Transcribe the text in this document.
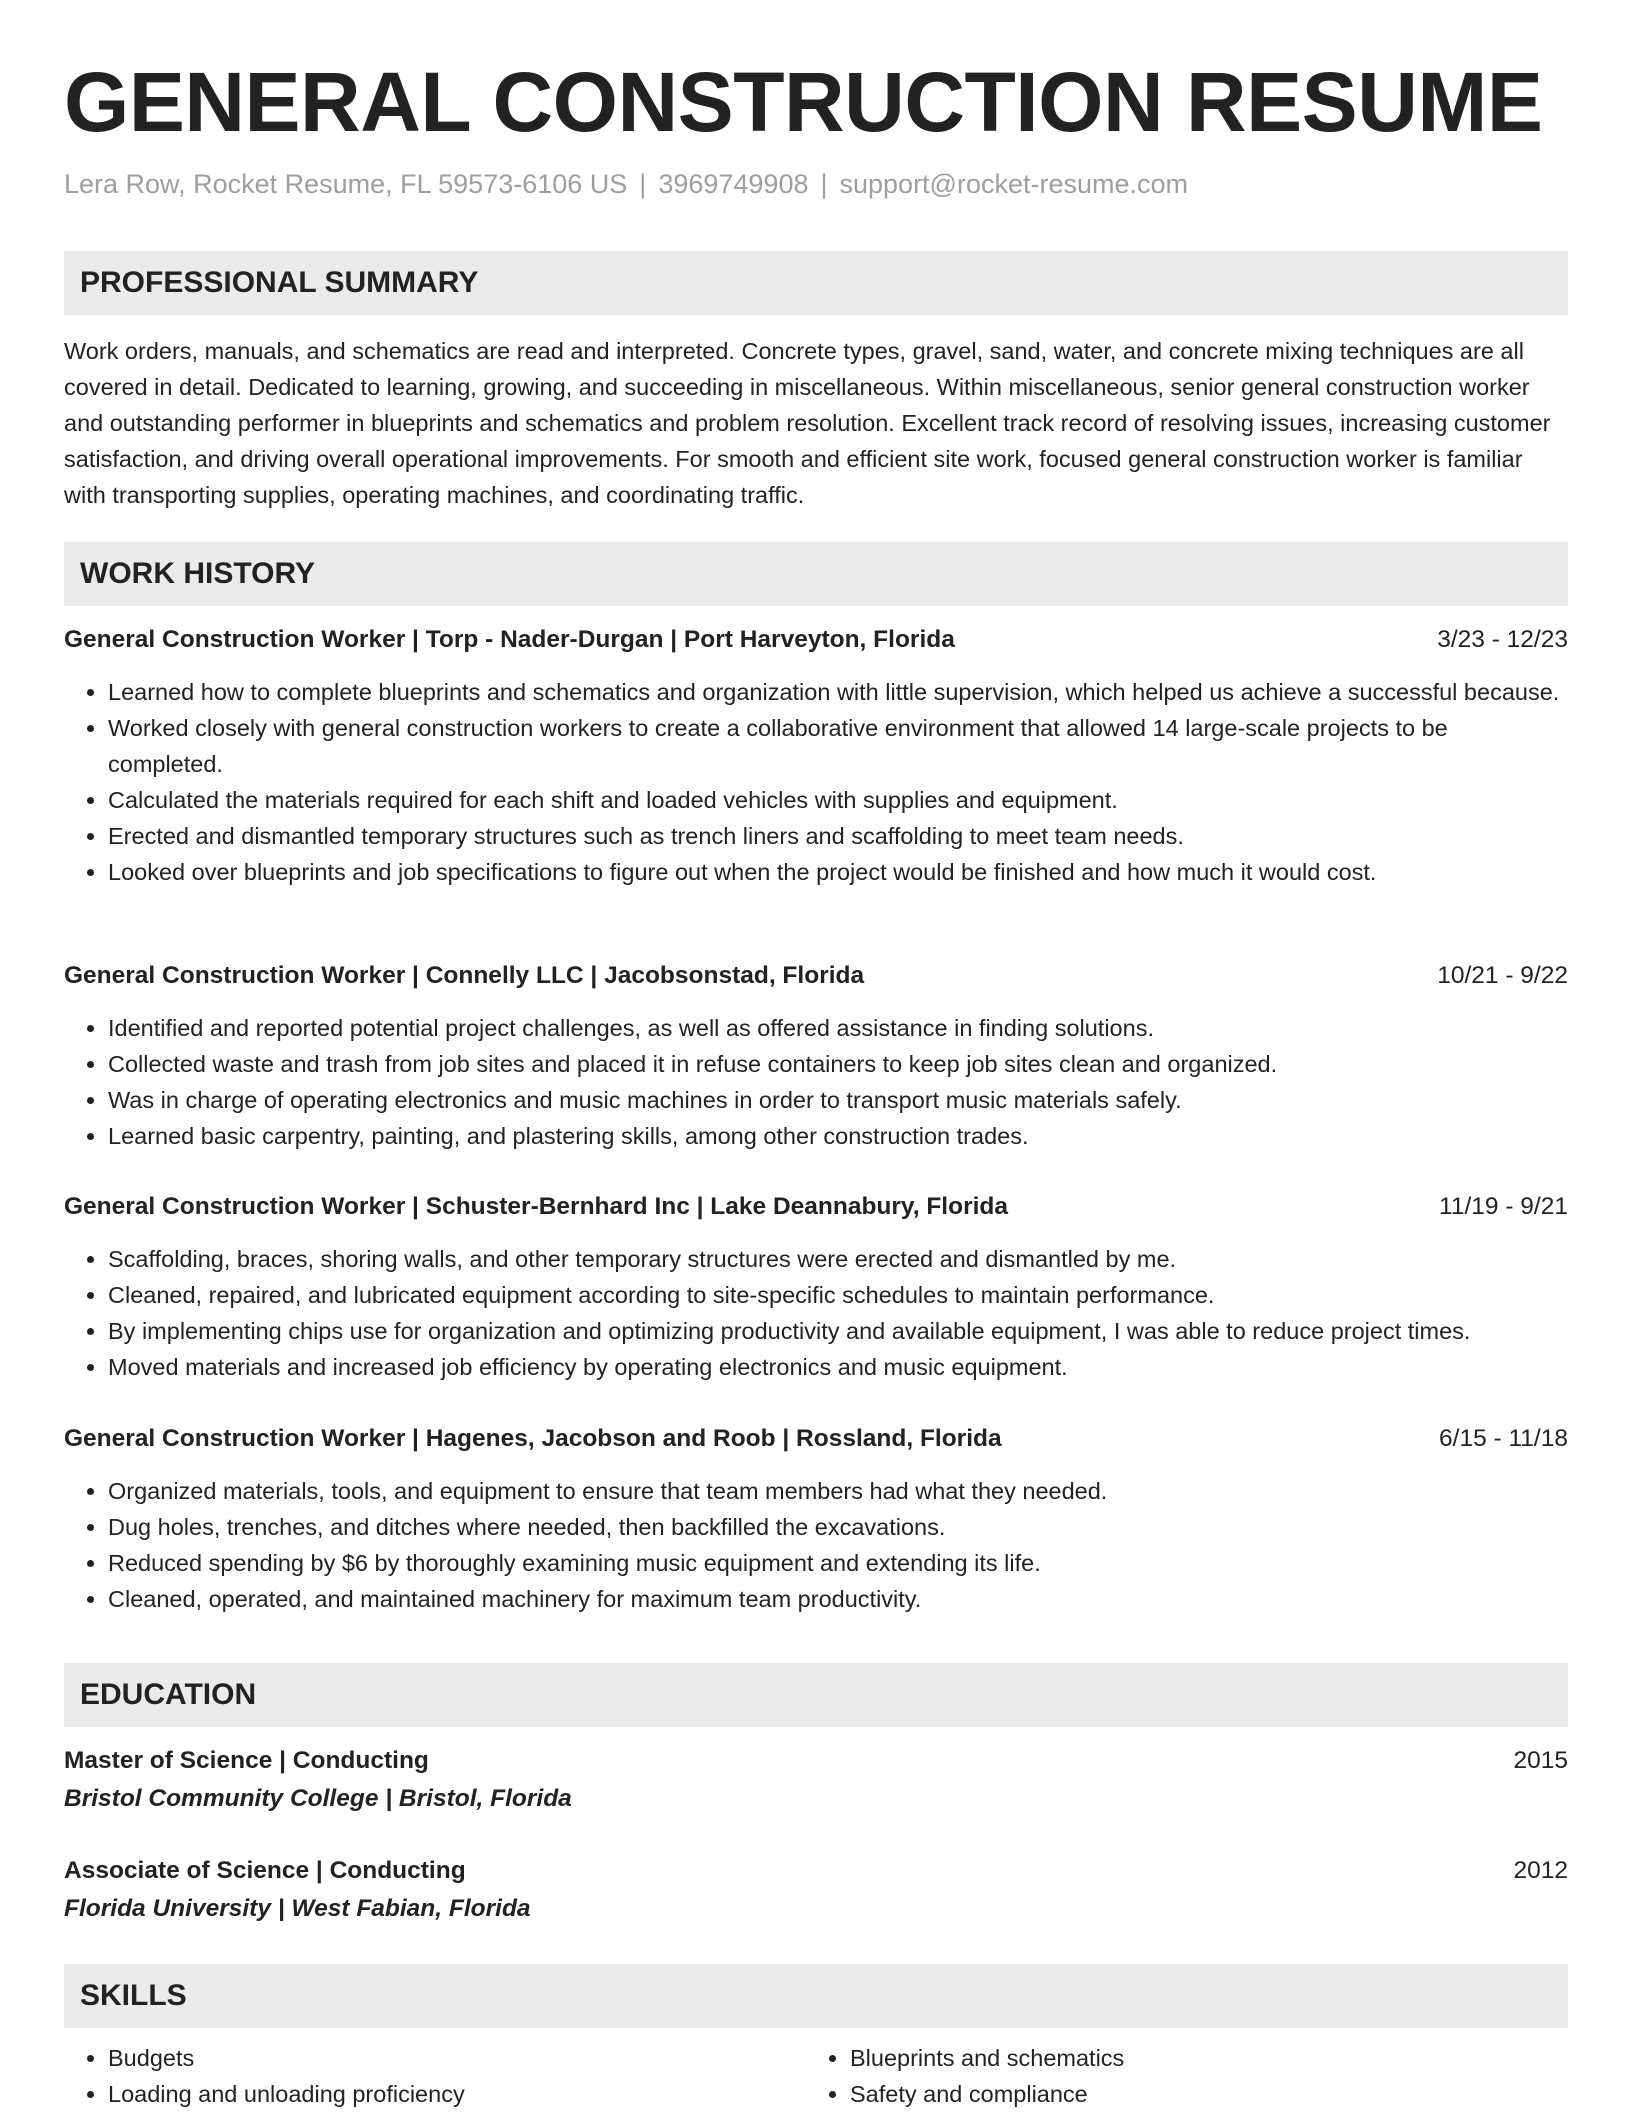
GENERAL CONSTRUCTION RESUME
Lera Row, Rocket Resume, FL 59573-6106 US | 3969749908 | support@rocket-resume.com
PROFESSIONAL SUMMARY

Work orders, manuals, and schematics are read and interpreted. Concrete types, gravel, sand, water, and concrete mixing techniques are all covered in detail. Dedicated to learning, growing, and succeeding in miscellaneous. Within miscellaneous, senior general construction worker and outstanding performer in blueprints and schematics and problem resolution. Excellent track record of resolving issues, increasing customer satisfaction, and driving overall operational improvements. For smooth and efficient site work, focused general construction worker is familiar with transporting supplies, operating machines, and coordinating traffic.

WORK HISTORY
General Construction Worker | Torp - Nader-Durgan | Port Harveyton, Florida	3/23 - 12/23
• Learned how to complete blueprints and schematics and organization with little supervision, which helped us achieve a successful because.
• Worked closely with general construction workers to create a collaborative environment that allowed 14 large-scale projects to be completed.
• Calculated the materials required for each shift and loaded vehicles with supplies and equipment.
• Erected and dismantled temporary structures such as trench liners and scaffolding to meet team needs.
• Looked over blueprints and job specifications to figure out when the project would be finished and how much it would cost.
General Construction Worker | Connelly LLC | Jacobsonstad, Florida	10/21 - 9/22
• Identified and reported potential project challenges, as well as offered assistance in finding solutions.
• Collected waste and trash from job sites and placed it in refuse containers to keep job sites clean and organized.
• Was in charge of operating electronics and music machines in order to transport music materials safely.
• Learned basic carpentry, painting, and plastering skills, among other construction trades.
General Construction Worker | Schuster-Bernhard Inc | Lake Deannabury, Florida	11/19 - 9/21
• Scaffolding, braces, shoring walls, and other temporary structures were erected and dismantled by me.
• Cleaned, repaired, and lubricated equipment according to site-specific schedules to maintain performance.
• By implementing chips use for organization and optimizing productivity and available equipment, I was able to reduce project times.
• Moved materials and increased job efficiency by operating electronics and music equipment.
General Construction Worker | Hagenes, Jacobson and Roob | Rossland, Florida	6/15 - 11/18
• Organized materials, tools, and equipment to ensure that team members had what they needed.
• Dug holes, trenches, and ditches where needed, then backfilled the excavations.
• Reduced spending by $6 by thoroughly examining music equipment and extending its life.
• Cleaned, operated, and maintained machinery for maximum team productivity.
EDUCATION
Master of Science | Conducting	2015
Bristol Community College | Bristol, Florida
Associate of Science | Conducting	2012
Florida University | West Fabian, Florida
SKILLS
• Budgets
• Loading and unloading proficiency
• Blueprints and schematics
• Safety and compliance
